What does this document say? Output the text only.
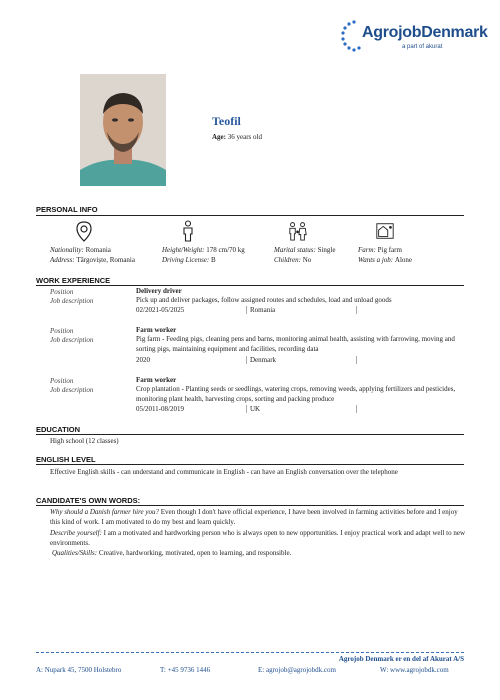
AgrojobDenmark
a part of akurat
Teofil
Age: 36 years old
PERSONAL INFO
Nationality: Romania
Address: Târgoviște, Romania
Height/Weight: 178 cm/70 kg
Driving License: B
Marital status: Single
Children: No
Farm: Pig farm
Wants a job: Alone
WORK EXPERIENCE
Position	Delivery driver
Job description	Pick up and deliver packages, follow assigned routes and schedules, load and unload goods
02/2021-05/2025	Romania
Position	Farm worker
Job description	Pig farm - Feeding pigs, cleaning pens and barns, monitoring animal health, assisting with farrowing, moving and sorting pigs, maintaining equipment and facilities, recording data
2020	Denmark
Position	Farm worker
Job description	Crop plantation - Planting seeds or seedlings, watering crops, removing weeds, applying fertilizers and pesticides, monitoring plant health, harvesting crops, sorting and packing produce
05/2011-08/2019	UK
EDUCATION
High school (12 classes)
ENGLISH LEVEL
Effective English skills - can understand and communicate in English - can have an English conversation over the telephone
CANDIDATE'S OWN WORDS:
Why should a Danish farmer hire you? Even though I don't have official experience, I have been involved in farming activities before and I enjoy this kind of work. I am motivated to do my best and learn quickly.
Describe yourself: I am a motivated and hardworking person who is always open to new opportunities. I enjoy practical work and adapt well to new environments.
Qualities/Skills: Creative, hardworking, motivated, open to learning, and responsible.
Agrojob Denmark er en del af Akurat A/S
A: Nupark 45, 7500 Holstebro	T: +45 9736 1446	E: agrojob@agrojobdk.com	W: www.agrojobdk.com
